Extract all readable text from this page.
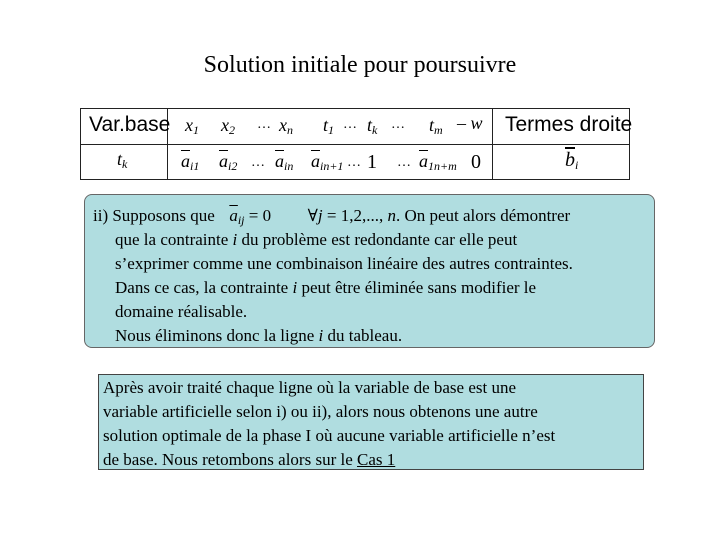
Solution initiale pour poursuivre
Var.base $x_1$ $x_2$ … $x_n$ $t_1$ … $t_k$ … $t_m$ – w Termes droite
$t_k$	$\overline{a}_{i1}$ $\overline{a}_{i2}$ … $\overline{a}_{in}$ $\overline{a}_{in+1}$ … 1 … $\overline{a}_{1n+m}$ 0	$\overline{b}_i$
ii) Supposons que $\overline{a}_{ij} = 0$ ∀j = 1,2,..., n. On peut alors démontrer
que la contrainte i du problème est redondante car elle peut
s’exprimer comme une combinaison linéaire des autres contraintes.
Dans ce cas, la contrainte i peut être éliminée sans modifier le
domaine réalisable.
Nous éliminons donc la ligne i du tableau.
Après avoir traité chaque ligne où la variable de base est une
variable artificielle selon i) ou ii), alors nous obtenons une autre
solution optimale de la phase I où aucune variable artificielle n’est
de base. Nous retombons alors sur le Cas 1
